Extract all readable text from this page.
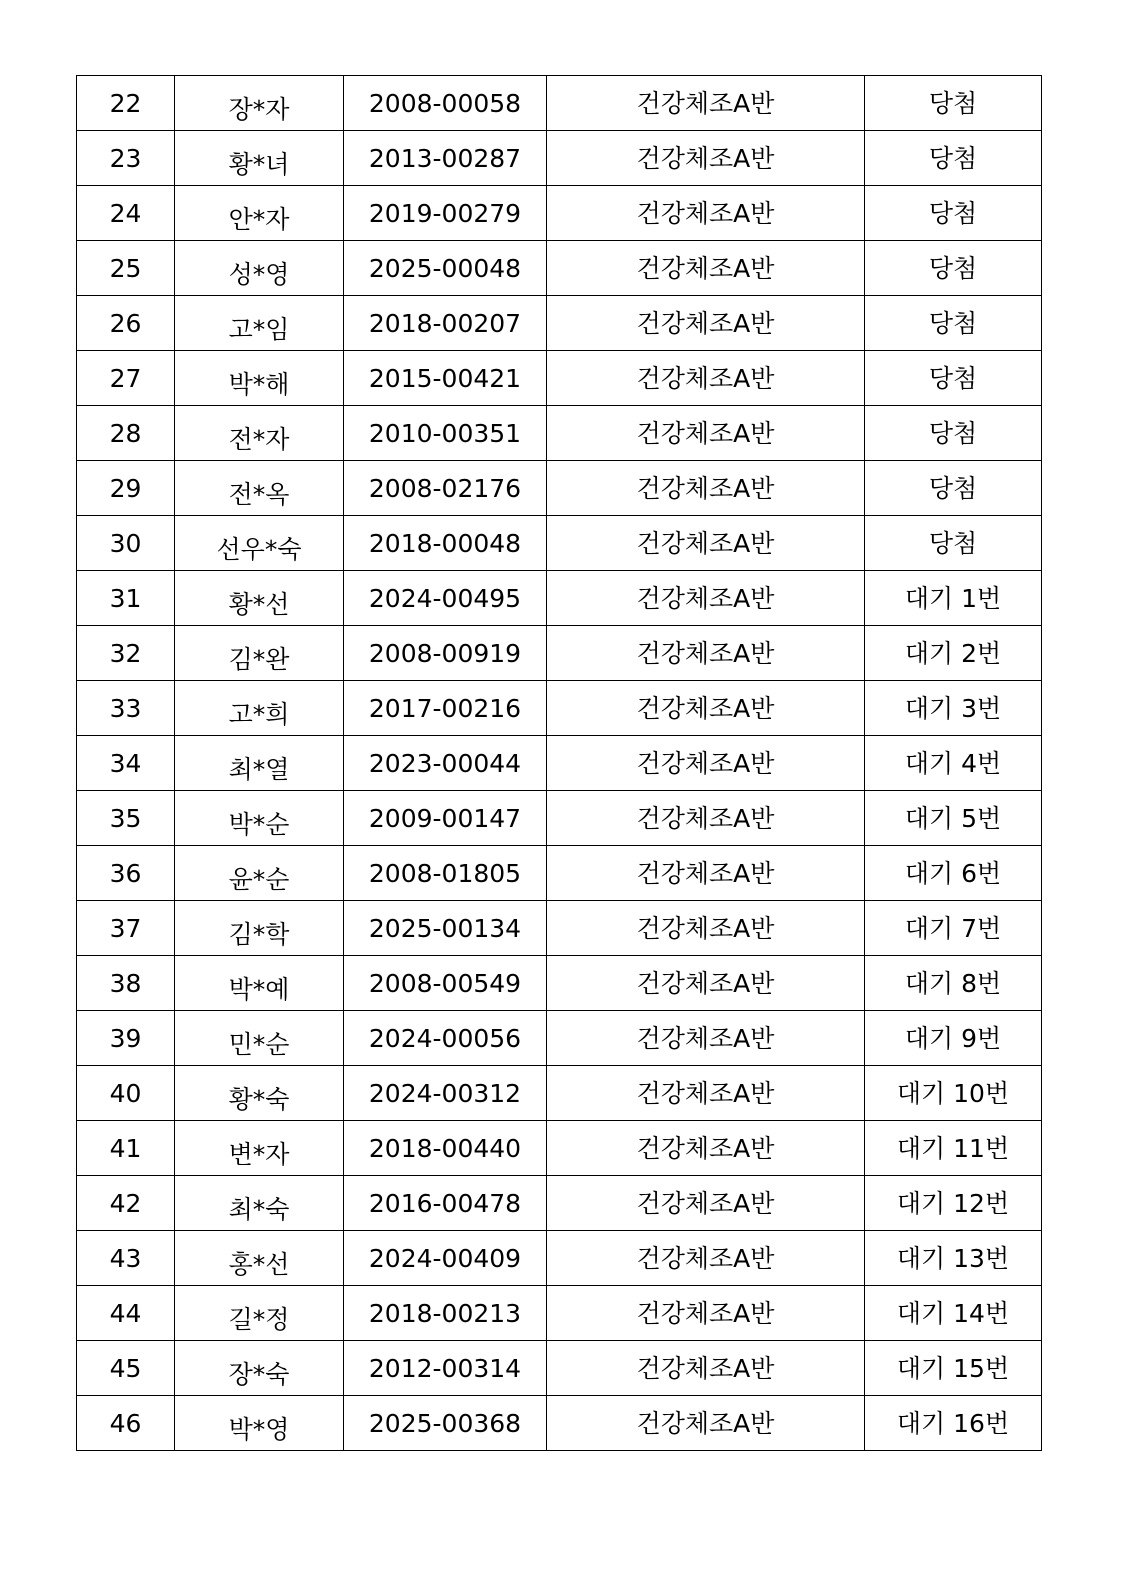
22	장*자	2008-00058	건강체조A반	당첨
23	황*녀	2013-00287	건강체조A반	당첨
24	안*자	2019-00279	건강체조A반	당첨
25	성*영	2025-00048	건강체조A반	당첨
26	고*임	2018-00207	건강체조A반	당첨
27	박*해	2015-00421	건강체조A반	당첨
28	전*자	2010-00351	건강체조A반	당첨
29	전*옥	2008-02176	건강체조A반	당첨
30	선우*숙	2018-00048	건강체조A반	당첨
31	황*선	2024-00495	건강체조A반	대기 1번
32	김*완	2008-00919	건강체조A반	대기 2번
33	고*희	2017-00216	건강체조A반	대기 3번
34	최*열	2023-00044	건강체조A반	대기 4번
35	박*순	2009-00147	건강체조A반	대기 5번
36	윤*순	2008-01805	건강체조A반	대기 6번
37	김*학	2025-00134	건강체조A반	대기 7번
38	박*예	2008-00549	건강체조A반	대기 8번
39	민*순	2024-00056	건강체조A반	대기 9번
40	황*숙	2024-00312	건강체조A반	대기 10번
41	변*자	2018-00440	건강체조A반	대기 11번
42	최*숙	2016-00478	건강체조A반	대기 12번
43	홍*선	2024-00409	건강체조A반	대기 13번
44	길*정	2018-00213	건강체조A반	대기 14번
45	장*숙	2012-00314	건강체조A반	대기 15번
46	박*영	2025-00368	건강체조A반	대기 16번
